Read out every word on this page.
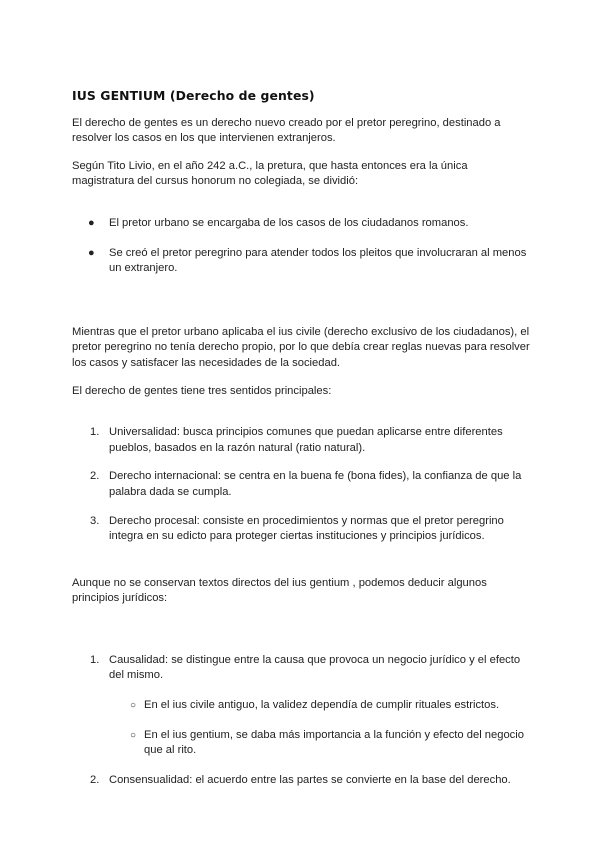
IUS GENTIUM (Derecho de gentes)

El derecho de gentes es un derecho nuevo creado por el pretor peregrino, destinado a resolver los casos en los que intervienen extranjeros.

Según Tito Livio, en el año 242 a.C., la pretura, que hasta entonces era la única magistratura del cursus honorum no colegiada, se dividió:

● El pretor urbano se encargaba de los casos de los ciudadanos romanos.
● Se creó el pretor peregrino para atender todos los pleitos que involucraran al menos un extranjero.

Mientras que el pretor urbano aplicaba el ius civile (derecho exclusivo de los ciudadanos), el pretor peregrino no tenía derecho propio, por lo que debía crear reglas nuevas para resolver los casos y satisfacer las necesidades de la sociedad.

El derecho de gentes tiene tres sentidos principales:

1. Universalidad: busca principios comunes que puedan aplicarse entre diferentes pueblos, basados en la razón natural (ratio natural).
2. Derecho internacional: se centra en la buena fe (bona fides), la confianza de que la palabra dada se cumpla.
3. Derecho procesal: consiste en procedimientos y normas que el pretor peregrino integra en su edicto para proteger ciertas instituciones y principios jurídicos.

Aunque no se conservan textos directos del ius gentium , podemos deducir algunos principios jurídicos:

1. Causalidad: se distingue entre la causa que provoca un negocio jurídico y el efecto del mismo.
○ En el ius civile antiguo, la validez dependía de cumplir rituales estrictos.
○ En el ius gentium, se daba más importancia a la función y efecto del negocio que al rito.
2. Consensualidad: el acuerdo entre las partes se convierte en la base del derecho.
